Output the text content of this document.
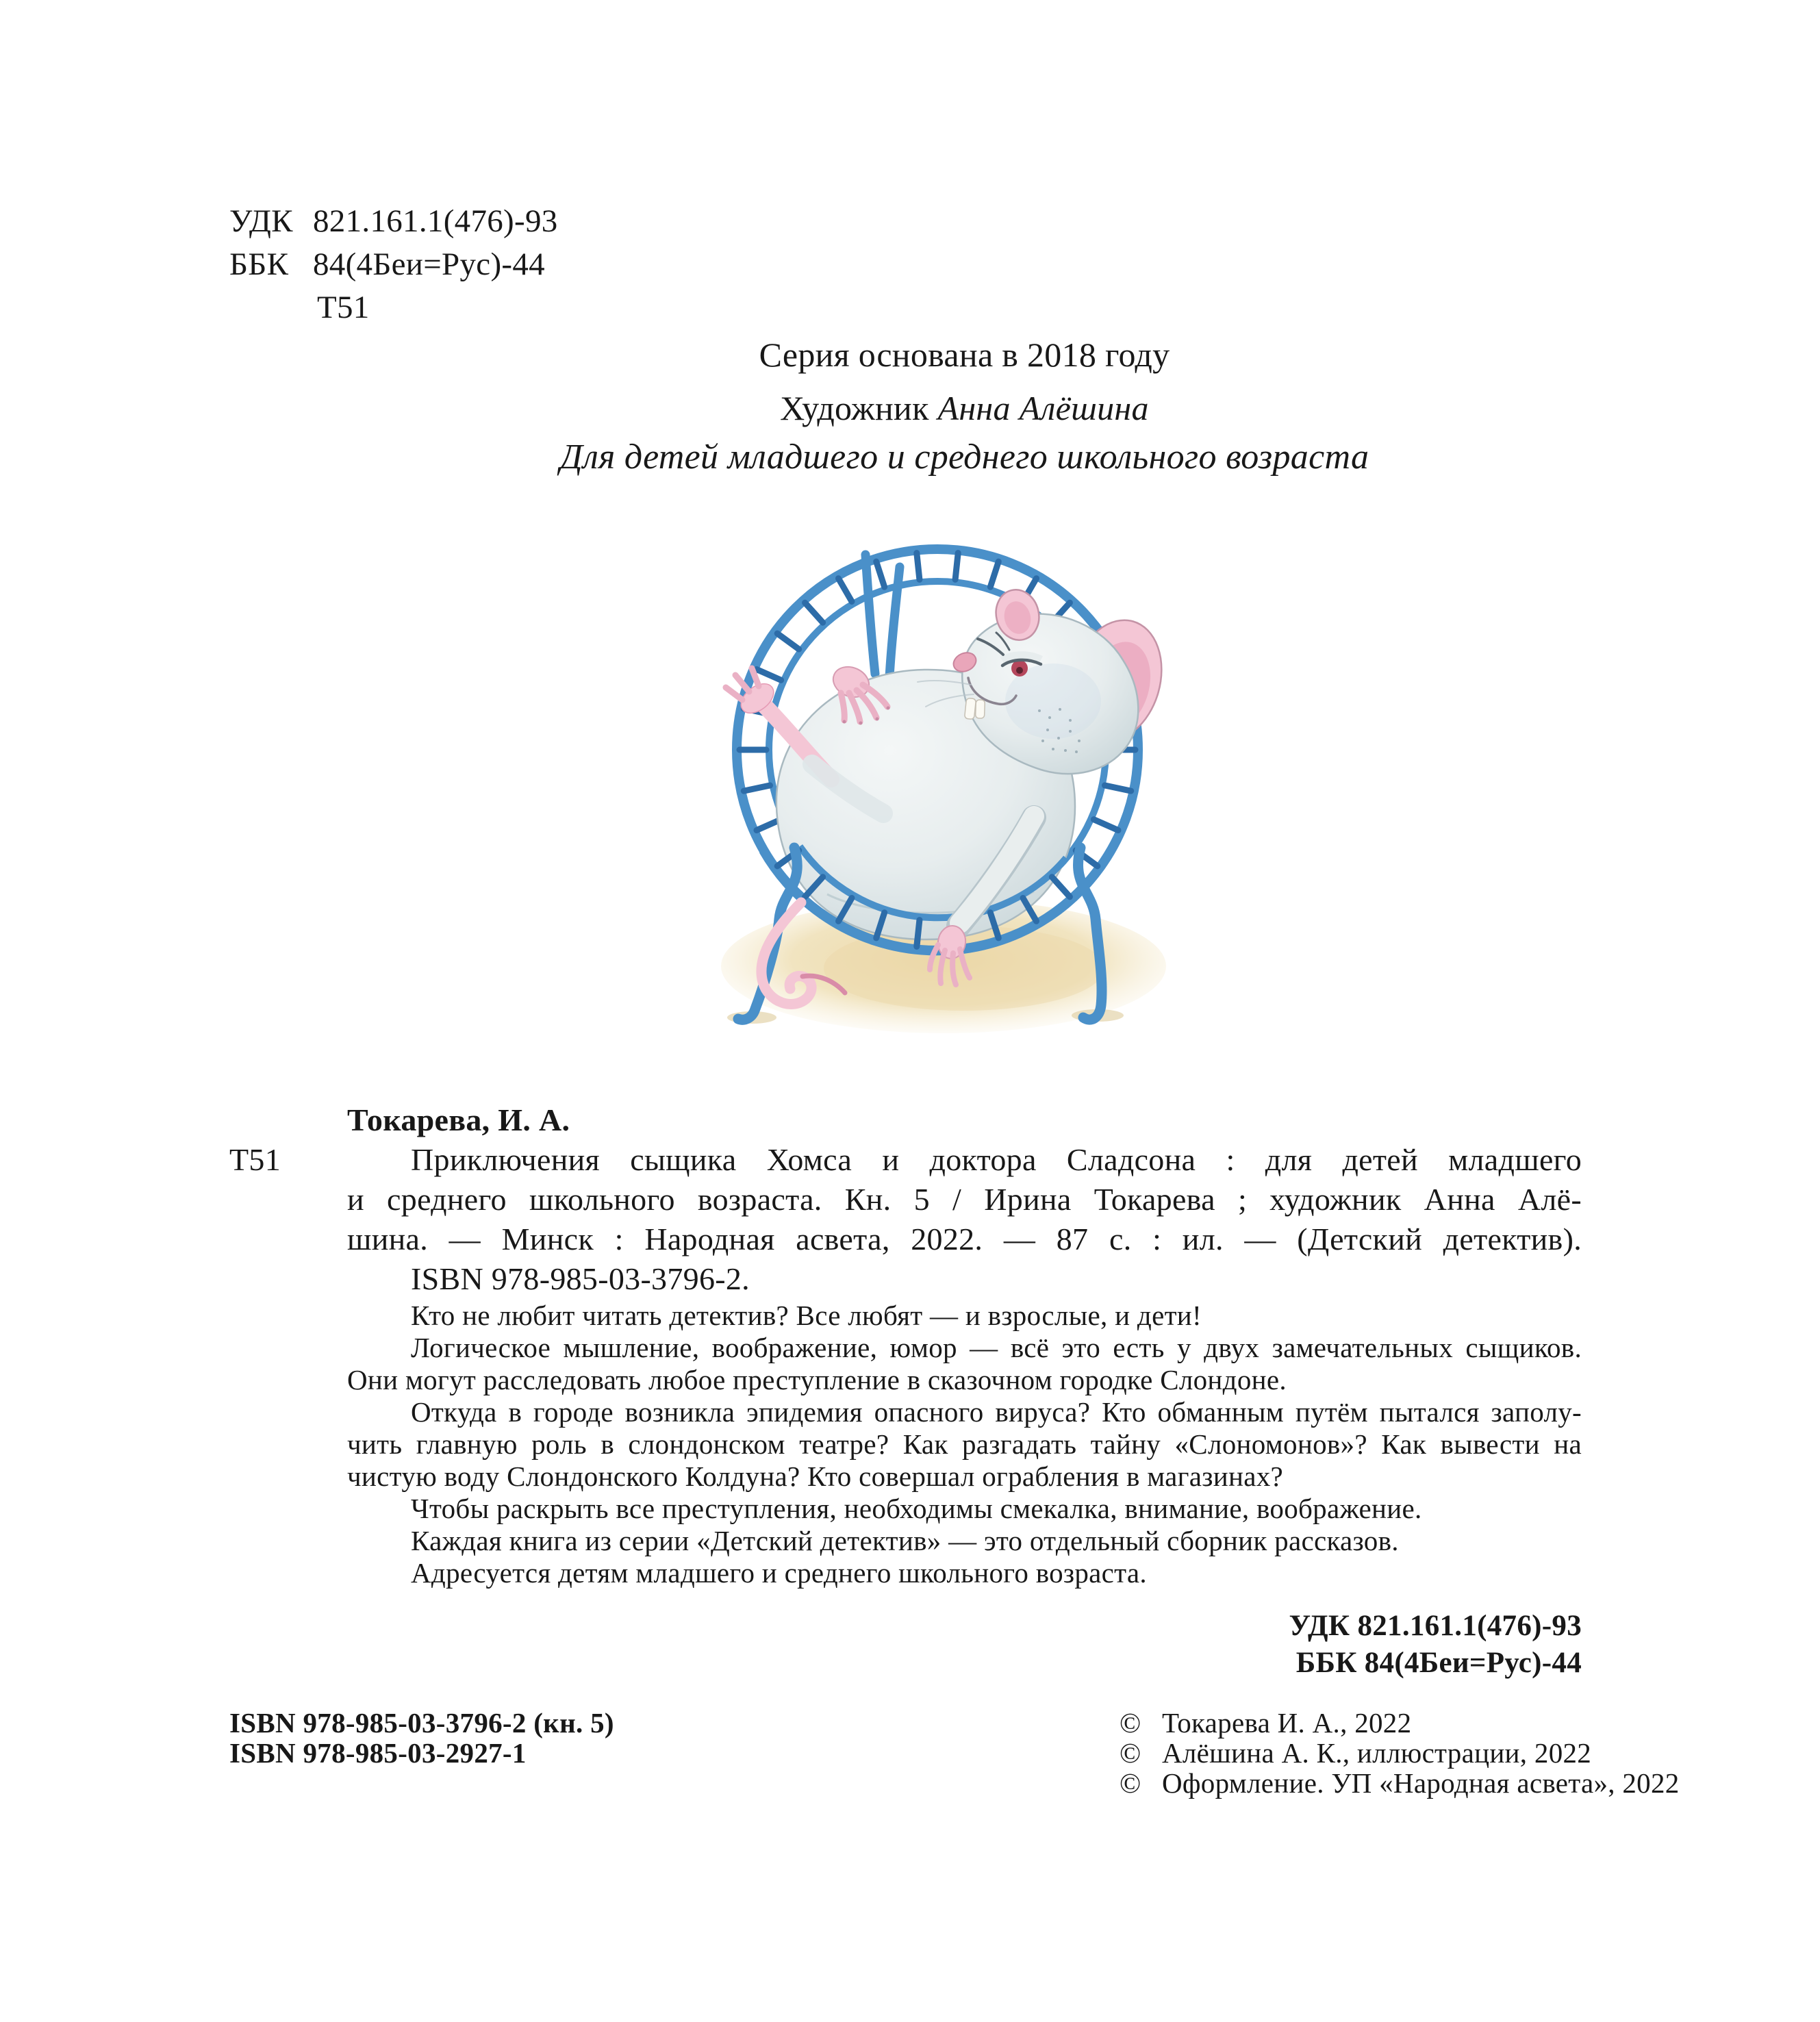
УДК 821.161.1(476)-93
ББК 84(4Беи=Рус)-44
Т51
Серия основана в 2018 году
Художник Анна Алёшина
Для детей младшего и среднего школьного возраста
Т51
Токарева, И. А.
Приключения сыщика Хомса и доктора Сладсона : для детей младшего
и среднего школьного возраста. Кн. 5 / Ирина Токарева ; художник Анна Алё-
шина. — Минск : Народная асвета, 2022. — 87 с. : ил. — (Детский детектив).
ISBN 978-985-03-3796-2.
Кто не любит читать детектив? Все любят — и взрослые, и дети!
Логическое мышление, воображение, юмор — всё это есть у двух замечательных сыщиков.
Они могут расследовать любое преступление в сказочном городке Слондоне.
Откуда в городе возникла эпидемия опасного вируса? Кто обманным путём пытался заполу-
чить главную роль в слондонском театре? Как разгадать тайну «Слономонов»? Как вывести на
чистую воду Слондонского Колдуна? Кто совершал ограбления в магазинах?
Чтобы раскрыть все преступления, необходимы смекалка, внимание, воображение.
Каждая книга из серии «Детский детектив» — это отдельный сборник рассказов.
Адресуется детям младшего и среднего школьного возраста.
УДК 821.161.1(476)-93
ББК 84(4Беи=Рус)-44
ISBN 978-985-03-3796-2 (кн. 5)
ISBN 978-985-03-2927-1
© Токарева И. А., 2022
© Алёшина А. К., иллюстрации, 2022
© Оформление. УП «Народная асвета», 2022
